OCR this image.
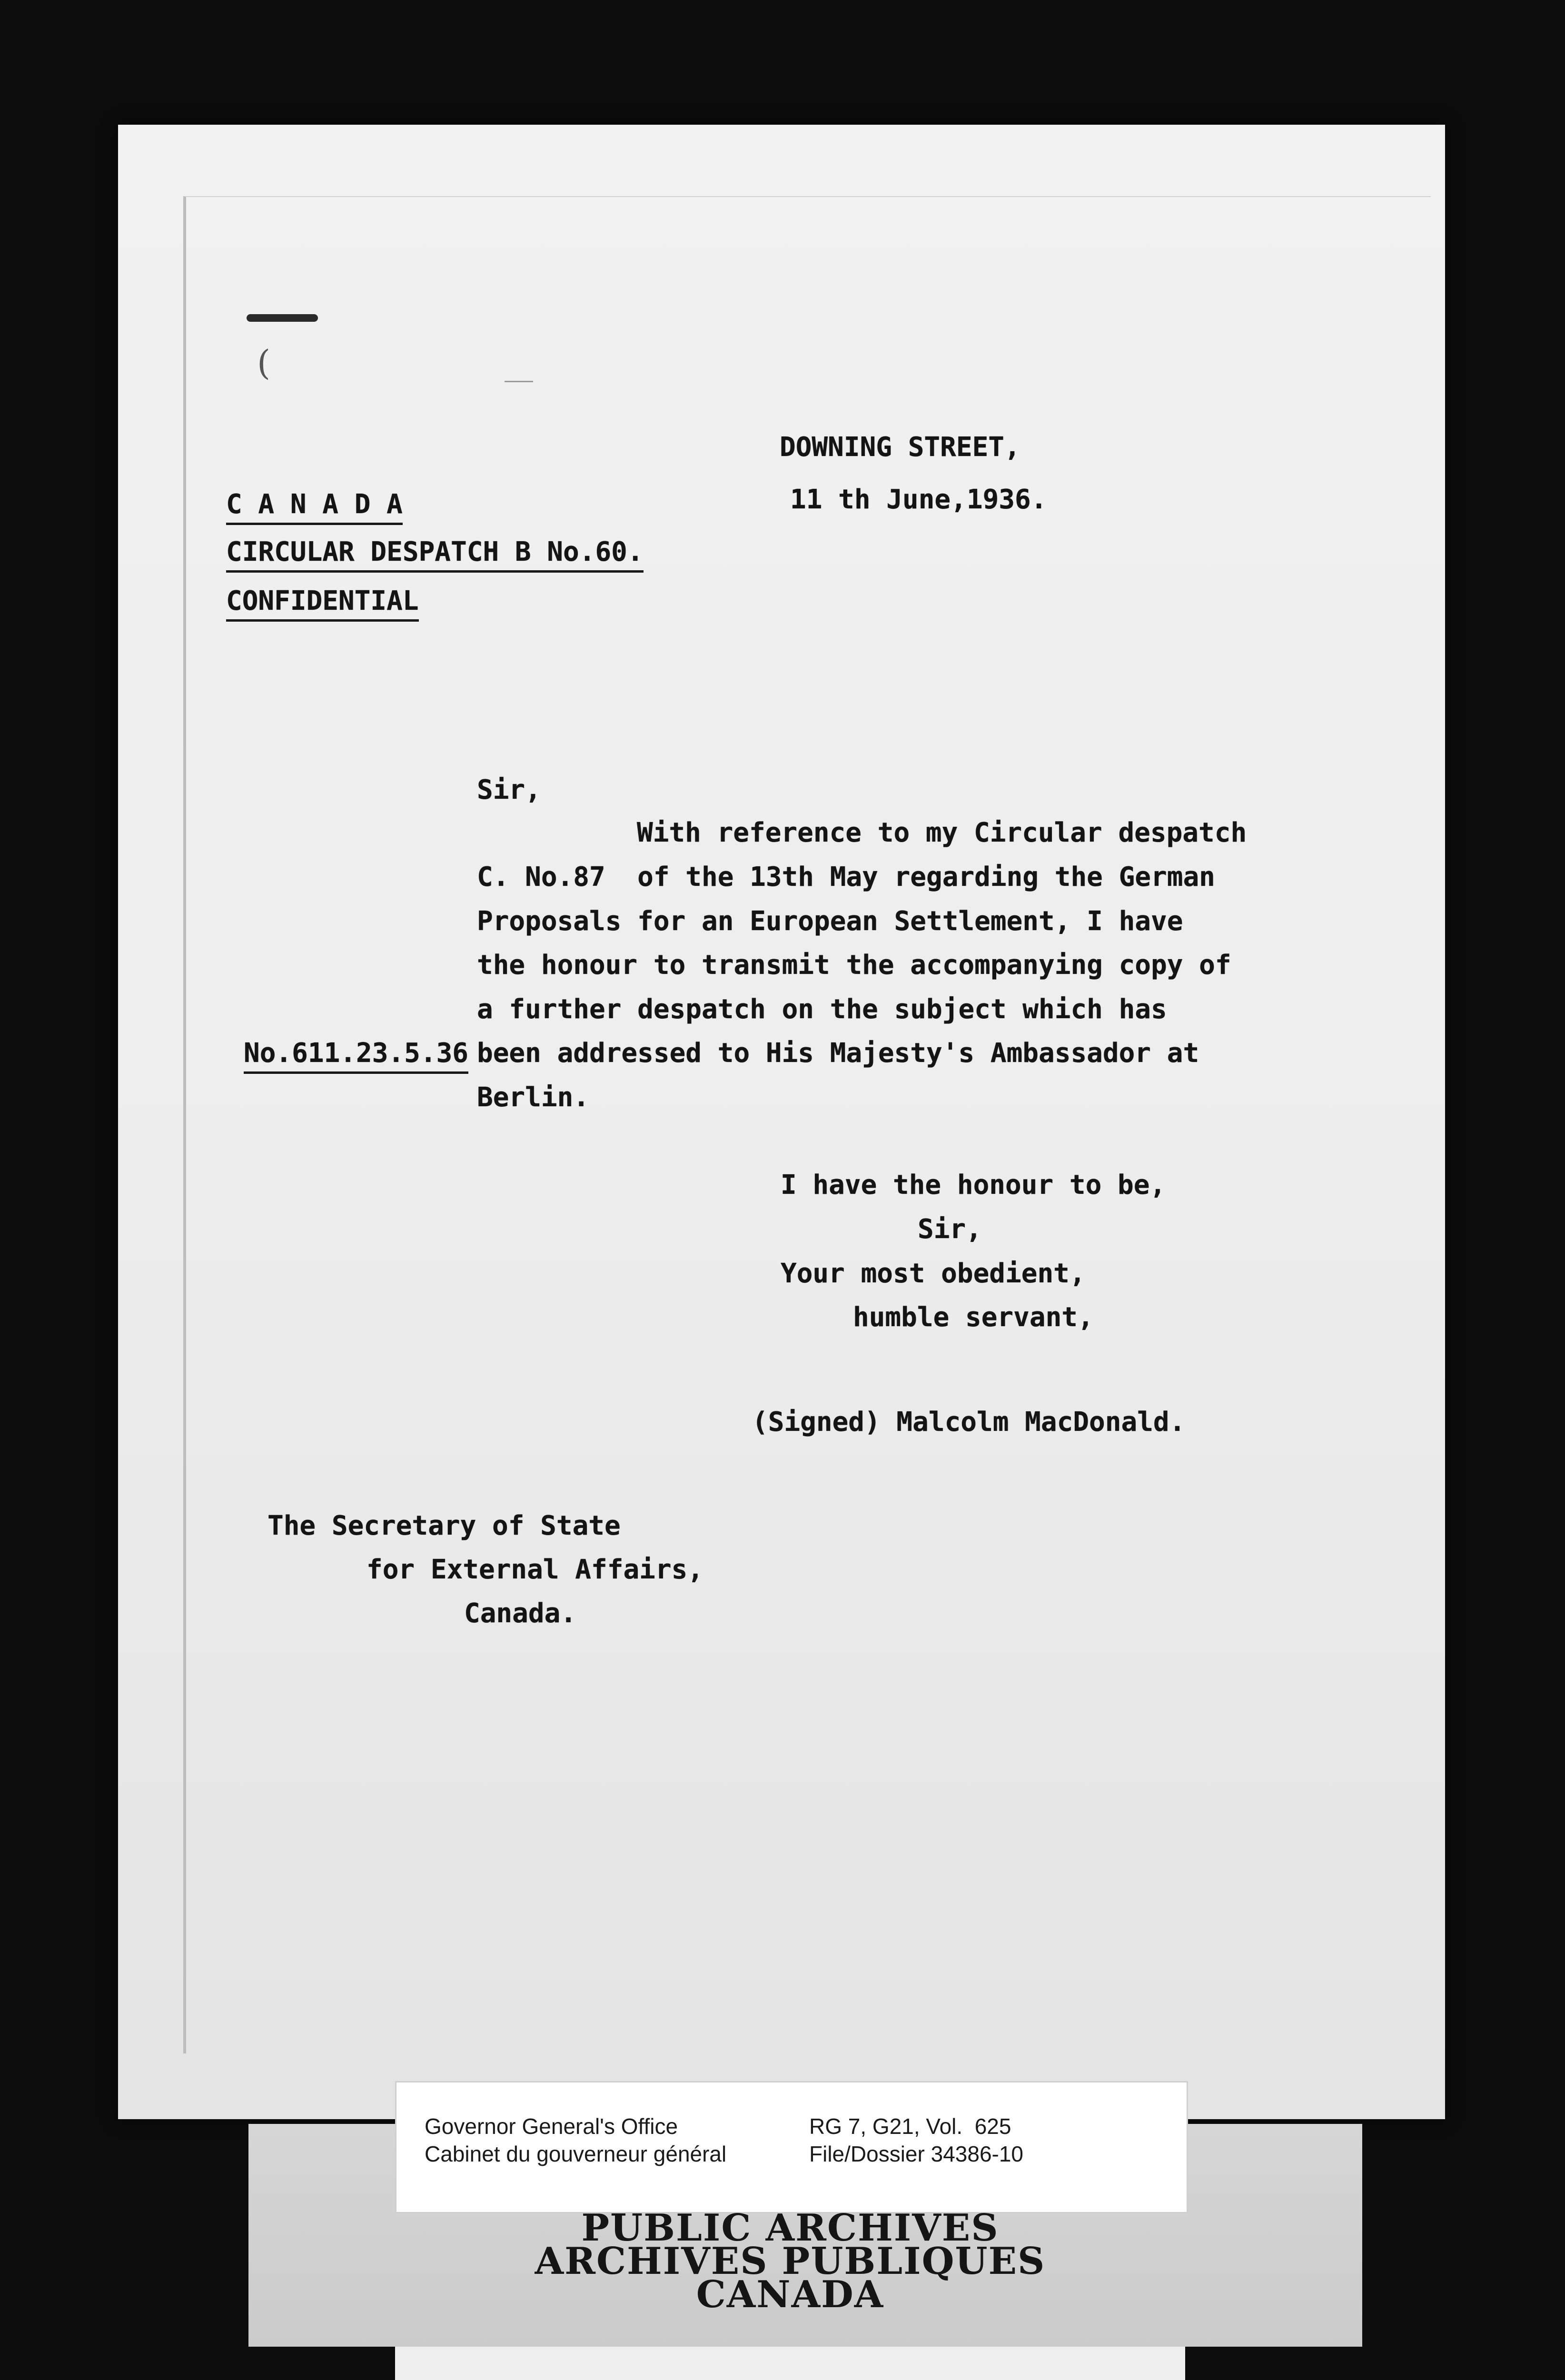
(
DOWNING STREET,
11 th June,1936.
C A N A D A
CIRCULAR DESPATCH B No.60.
CONFIDENTIAL
Sir,
With reference to my Circular despatch
C. No.87  of the 13th May regarding the German
Proposals for an European Settlement, I have
the honour to transmit the accompanying copy of
a further despatch on the subject which has
been addressed to His Majesty's Ambassador at
Berlin.
No.611.23.5.36
I have the honour to be,
Sir,
Your most obedient,
humble servant,
(Signed) Malcolm MacDonald.
The Secretary of State
for External Affairs,
Canada.
Governor General's Office
Cabinet du gouverneur général
RG 7, G21, Vol.  625
File/Dossier 34386-10
PUBLIC ARCHIVES
ARCHIVES PUBLIQUES
CANADA
